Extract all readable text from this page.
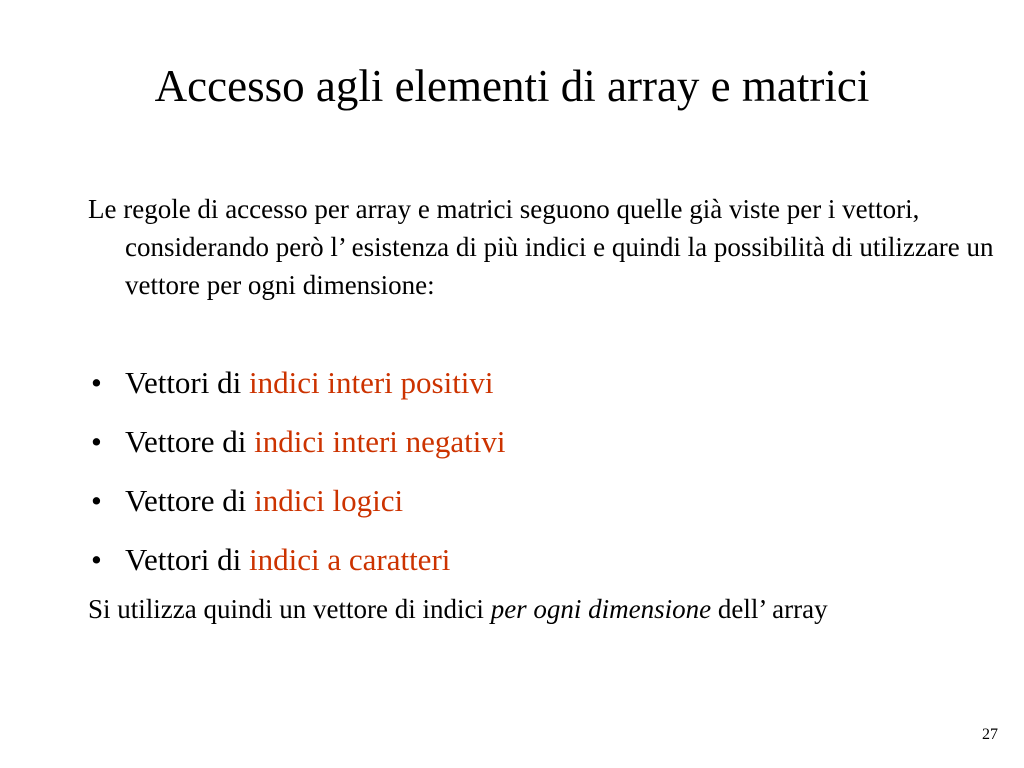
Accesso agli elementi di array e matrici
Le regole di accesso per array e matrici seguono quelle già viste per i vettori, considerando però l’ esistenza di più indici e quindi la possibilità di utilizzare un vettore per ogni dimensione:
• Vettori di indici interi positivi
• Vettore di indici interi negativi
• Vettore di indici logici
• Vettori di indici a caratteri
Si utilizza quindi un vettore di indici per ogni dimensione dell’ array
27
